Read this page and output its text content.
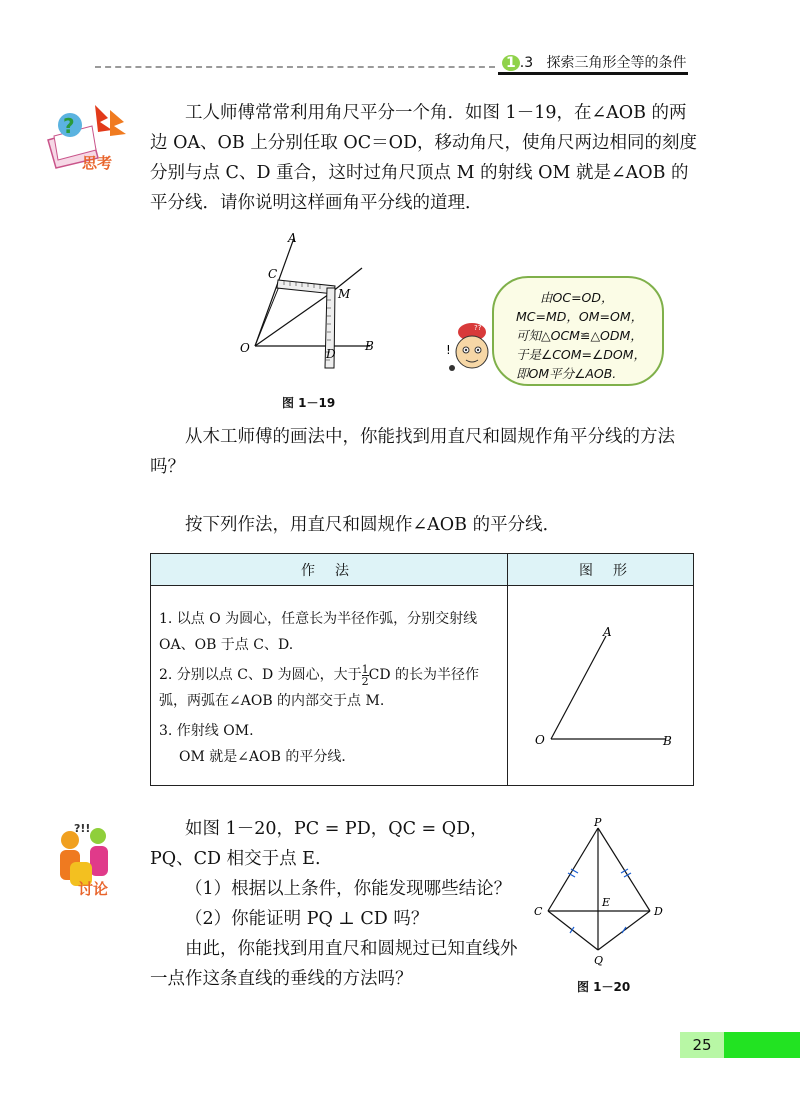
1 .3 探索三角形全等的条件
?
思考
工人师傅常常利用角尺平分一个角．如图 1－19，在∠AOB 的两边 OA、OB 上分别任取 OC＝OD，移动角尺，使角尺两边相同的刻度分别与点 C、D 重合，这时过角尺顶点 M 的射线 OM 就是∠AOB 的平分线．请你说明这样画角平分线的道理．
A
C
M
O	D
B
图 1－19
??
!
由OC=OD，
MC=MD，OM=OM，
可知△OCM≌△ODM，
于是∠COM=∠DOM，
即OM平分∠AOB.
从木工师傅的画法中，你能找到用直尺和圆规作角平分线的方法吗？
按下列作法，用直尺和圆规作∠AOB 的平分线．
作法	图形
1. 以点 O 为圆心，任意长为半径作弧，分别交射线 OA、OB 于点 C、D.
2. 分别以点 C、D 为圆心，大于 $\frac{1}{2}$ CD 的长为半径作弧，两弧在∠AOB 的内部交于点 M.
3. 作射线 OM.
OM 就是∠AOB 的平分线．
A
O	B
?!!
讨论
如图 1－20，PC = PD，QC = QD，PQ、CD 相交于点 E.
（1）根据以上条件，你能发现哪些结论？
（2）你能证明 PQ ⊥ CD 吗？
由此，你能找到用直尺和圆规过已知直线外一点作这条直线的垂线的方法吗？
P
C
E
D
Q
图 1－20
25
